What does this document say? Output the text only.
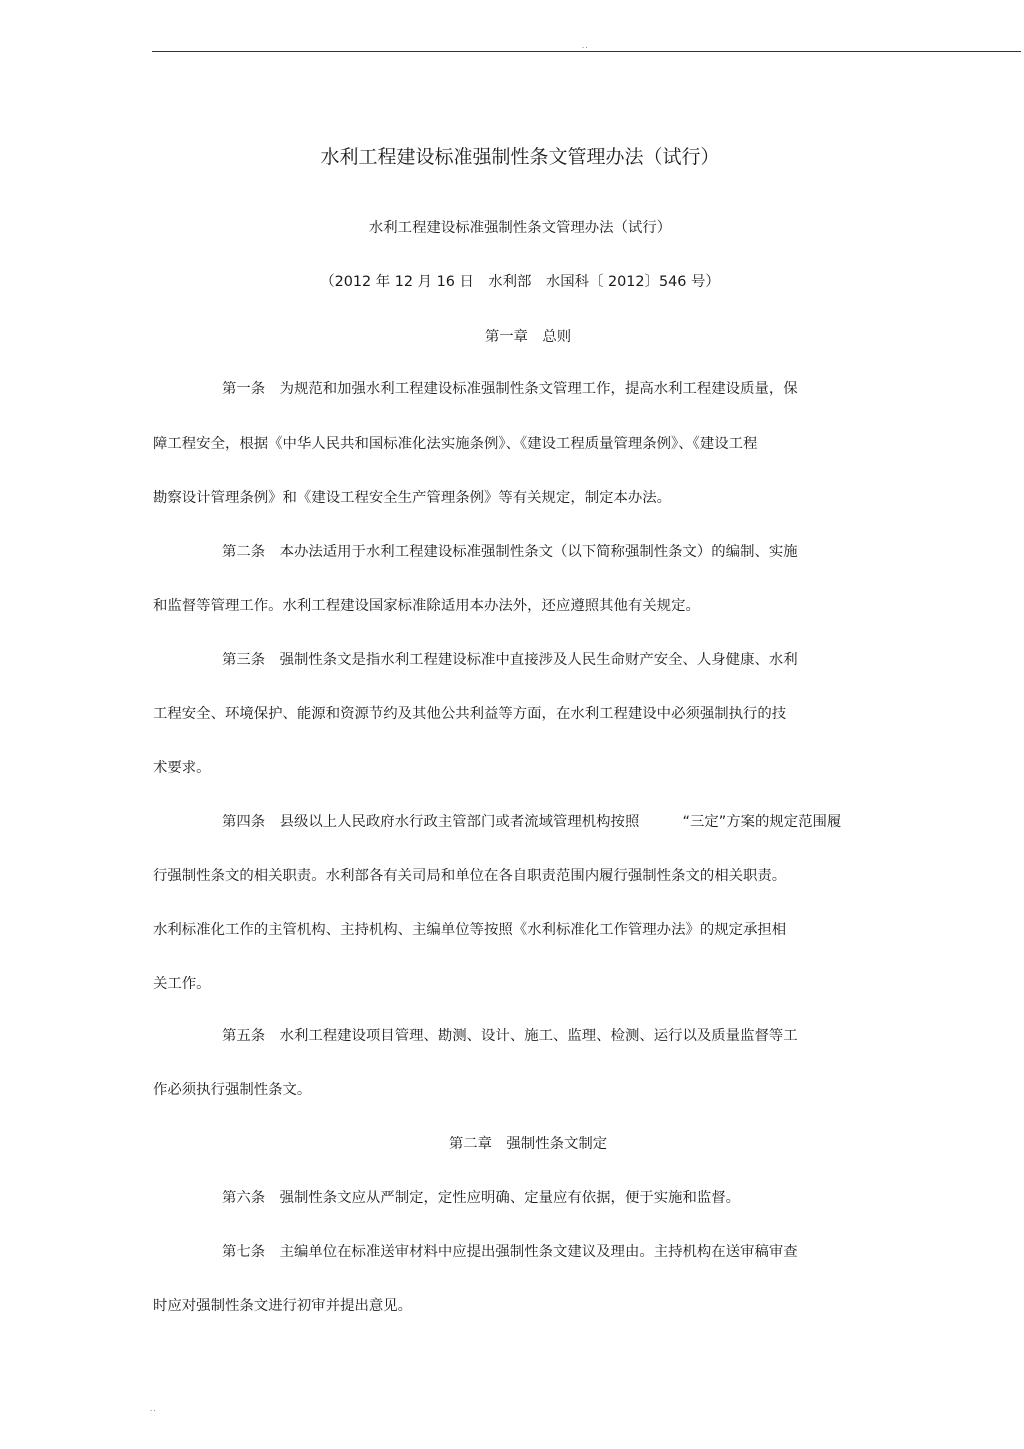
..
水利工程建设标准强制性条文管理办法（试行）
水利工程建设标准强制性条文管理办法（试行）
（2012 年 12 月 16 日　水利部　水国科〔 2012〕546 号）
第一章　总则
第一条　为规范和加强水利工程建设标准强制性条文管理工作，提高水利工程建设质量，保
障工程安全，根据《中华人民共和国标准化法实施条例》、《建设工程质量管理条例》、《建设工程
勘察设计管理条例》和《建设工程安全生产管理条例》等有关规定，制定本办法。
第二条　本办法适用于水利工程建设标准强制性条文（以下简称强制性条文）的编制、实施
和监督等管理工作。水利工程建设国家标准除适用本办法外，还应遵照其他有关规定。
第三条　强制性条文是指水利工程建设标准中直接涉及人民生命财产安全、人身健康、水利
工程安全、环境保护、能源和资源节约及其他公共利益等方面，在水利工程建设中必须强制执行的技
术要求。
第四条　县级以上人民政府水行政主管部门或者流域管理机构按照　　　“三定”方案的规定范围履
行强制性条文的相关职责。水利部各有关司局和单位在各自职责范围内履行强制性条文的相关职责。
水利标准化工作的主管机构、主持机构、主编单位等按照《水利标准化工作管理办法》的规定承担相
关工作。
第五条　水利工程建设项目管理、勘测、设计、施工、监理、检测、运行以及质量监督等工
作必须执行强制性条文。
第二章　强制性条文制定
第六条　强制性条文应从严制定，定性应明确、定量应有依据，便于实施和监督。
第七条　主编单位在标准送审材料中应提出强制性条文建议及理由。主持机构在送审稿审查
时应对强制性条文进行初审并提出意见。
..
